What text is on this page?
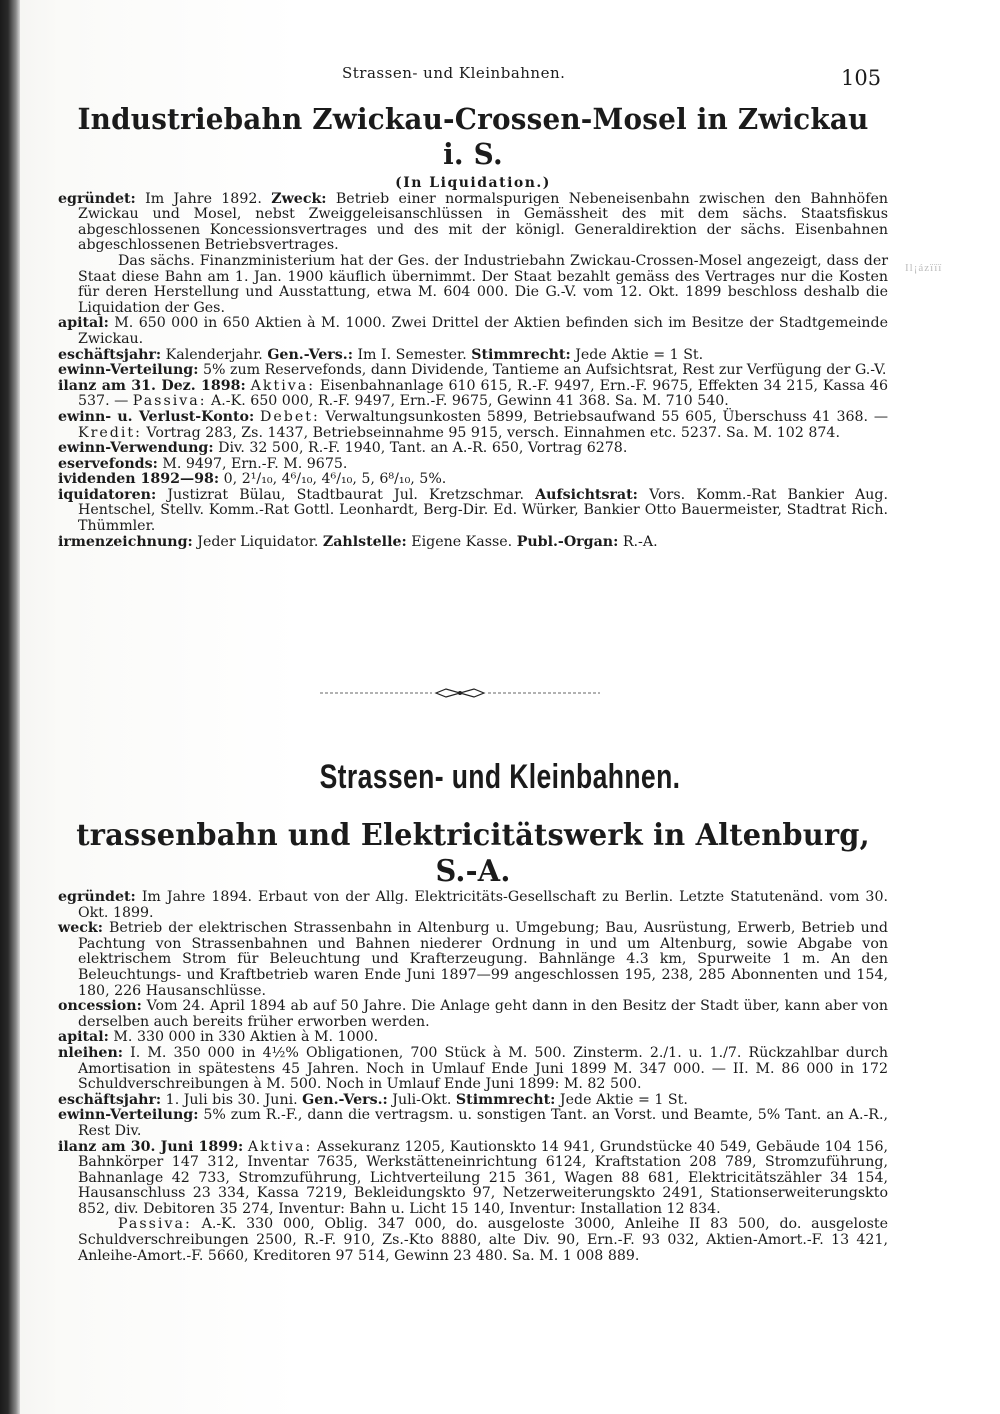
Il¡ázïïï
Strassen- und Kleinbahnen.	105
Industriebahn Zwickau-Crossen-Mosel in Zwickau i. S.
(In Liquidation.)

egründet: Im Jahre 1892. Zweck: Betrieb einer normalspurigen Nebeneisenbahn zwischen den Bahnhöfen Zwickau und Mosel, nebst Zweiggeleisanschlüssen in Gemässheit des mit dem sächs. Staatsfiskus abgeschlossenen Koncessionsvertrages und des mit der königl. Generaldirektion der sächs. Eisenbahnen abgeschlossenen Betriebsvertrages.

Das sächs. Finanzministerium hat der Ges. der Industriebahn Zwickau-Crossen-Mosel angezeigt, dass der Staat diese Bahn am 1. Jan. 1900 käuflich übernimmt. Der Staat bezahlt gemäss des Vertrages nur die Kosten für deren Herstellung und Ausstattung, etwa M. 604 000. Die G.-V. vom 12. Okt. 1899 beschloss deshalb die Liquidation der Ges.

apital: M. 650 000 in 650 Aktien à M. 1000. Zwei Drittel der Aktien befinden sich im Besitze der Stadtgemeinde Zwickau.

eschäftsjahr: Kalenderjahr. Gen.-Vers.: Im I. Semester. Stimmrecht: Jede Aktie = 1 St.

ewinn-Verteilung: 5% zum Reservefonds, dann Dividende, Tantieme an Aufsichtsrat, Rest zur Verfügung der G.-V.

ilanz am 31. Dez. 1898: Aktiva: Eisenbahnanlage 610 615, R.-F. 9497, Ern.-F. 9675, Effekten 34 215, Kassa 46 537. — Passiva: A.-K. 650 000, R.-F. 9497, Ern.-F. 9675, Gewinn 41 368. Sa. M. 710 540.

ewinn- u. Verlust-Konto: Debet: Verwaltungsunkosten 5899, Betriebsaufwand 55 605, Überschuss 41 368. — Kredit: Vortrag 283, Zs. 1437, Betriebseinnahme 95 915, versch. Einnahmen etc. 5237. Sa. M. 102 874.

ewinn-Verwendung: Div. 32 500, R.-F. 1940, Tant. an A.-R. 650, Vortrag 6278.

eservefonds: M. 9497, Ern.-F. M. 9675.

ividenden 1892—98: 0, 2¹/₁₀, 4⁶/₁₀, 4⁶/₁₀, 5, 6⁸/₁₀, 5%.

iquidatoren: Justizrat Bülau, Stadtbaurat Jul. Kretzschmar. Aufsichtsrat: Vors. Komm.-Rat Bankier Aug. Hentschel, Stellv. Komm.-Rat Gottl. Leonhardt, Berg-Dir. Ed. Würker, Bankier Otto Bauermeister, Stadtrat Rich. Thümmler.

irmenzeichnung: Jeder Liquidator. Zahlstelle: Eigene Kasse. Publ.-Organ: R.-A.

Strassen- und Kleinbahnen.
trassenbahn und Elektricitätswerk in Altenburg, S.-A.

egründet: Im Jahre 1894. Erbaut von der Allg. Elektricitäts-Gesellschaft zu Berlin. Letzte Statutenänd. vom 30. Okt. 1899.

weck: Betrieb der elektrischen Strassenbahn in Altenburg u. Umgebung; Bau, Ausrüstung, Erwerb, Betrieb und Pachtung von Strassenbahnen und Bahnen niederer Ordnung in und um Altenburg, sowie Abgabe von elektrischem Strom für Beleuchtung und Krafterzeugung. Bahnlänge 4.3 km, Spurweite 1 m. An den Beleuchtungs- und Kraftbetrieb waren Ende Juni 1897—99 angeschlossen 195, 238, 285 Abonnenten und 154, 180, 226 Hausanschlüsse.

oncession: Vom 24. April 1894 ab auf 50 Jahre. Die Anlage geht dann in den Besitz der Stadt über, kann aber von derselben auch bereits früher erworben werden.

apital: M. 330 000 in 330 Aktien à M. 1000.

nleihen: I. M. 350 000 in 4½% Obligationen, 700 Stück à M. 500. Zinsterm. 2./1. u. 1./7. Rückzahlbar durch Amortisation in spätestens 45 Jahren. Noch in Umlauf Ende Juni 1899 M. 347 000. — II. M. 86 000 in 172 Schuldverschreibungen à M. 500. Noch in Umlauf Ende Juni 1899: M. 82 500.

eschäftsjahr: 1. Juli bis 30. Juni. Gen.-Vers.: Juli-Okt. Stimmrecht: Jede Aktie = 1 St.

ewinn-Verteilung: 5% zum R.-F., dann die vertragsm. u. sonstigen Tant. an Vorst. und Beamte, 5% Tant. an A.-R., Rest Div.

ilanz am 30. Juni 1899: Aktiva: Assekuranz 1205, Kautionskto 14 941, Grundstücke 40 549, Gebäude 104 156, Bahnkörper 147 312, Inventar 7635, Werkstätteneinrichtung 6124, Kraftstation 208 789, Stromzuführung, Bahnanlage 42 733, Stromzuführung, Lichtverteilung 215 361, Wagen 88 681, Elektricitätszähler 34 154, Hausanschluss 23 334, Kassa 7219, Bekleidungskto 97, Netzerweiterungskto 2491, Stationserweiterungskto 852, div. Debitoren 35 274, Inventur: Bahn u. Licht 15 140, Inventur: Installation 12 834.

Passiva: A.-K. 330 000, Oblig. 347 000, do. ausgeloste 3000, Anleihe II 83 500, do. ausgeloste Schuldverschreibungen 2500, R.-F. 910, Zs.-Kto 8880, alte Div. 90, Ern.-F. 93 032, Aktien-Amort.-F. 13 421, Anleihe-Amort.-F. 5660, Kreditoren 97 514, Gewinn 23 480. Sa. M. 1 008 889.
